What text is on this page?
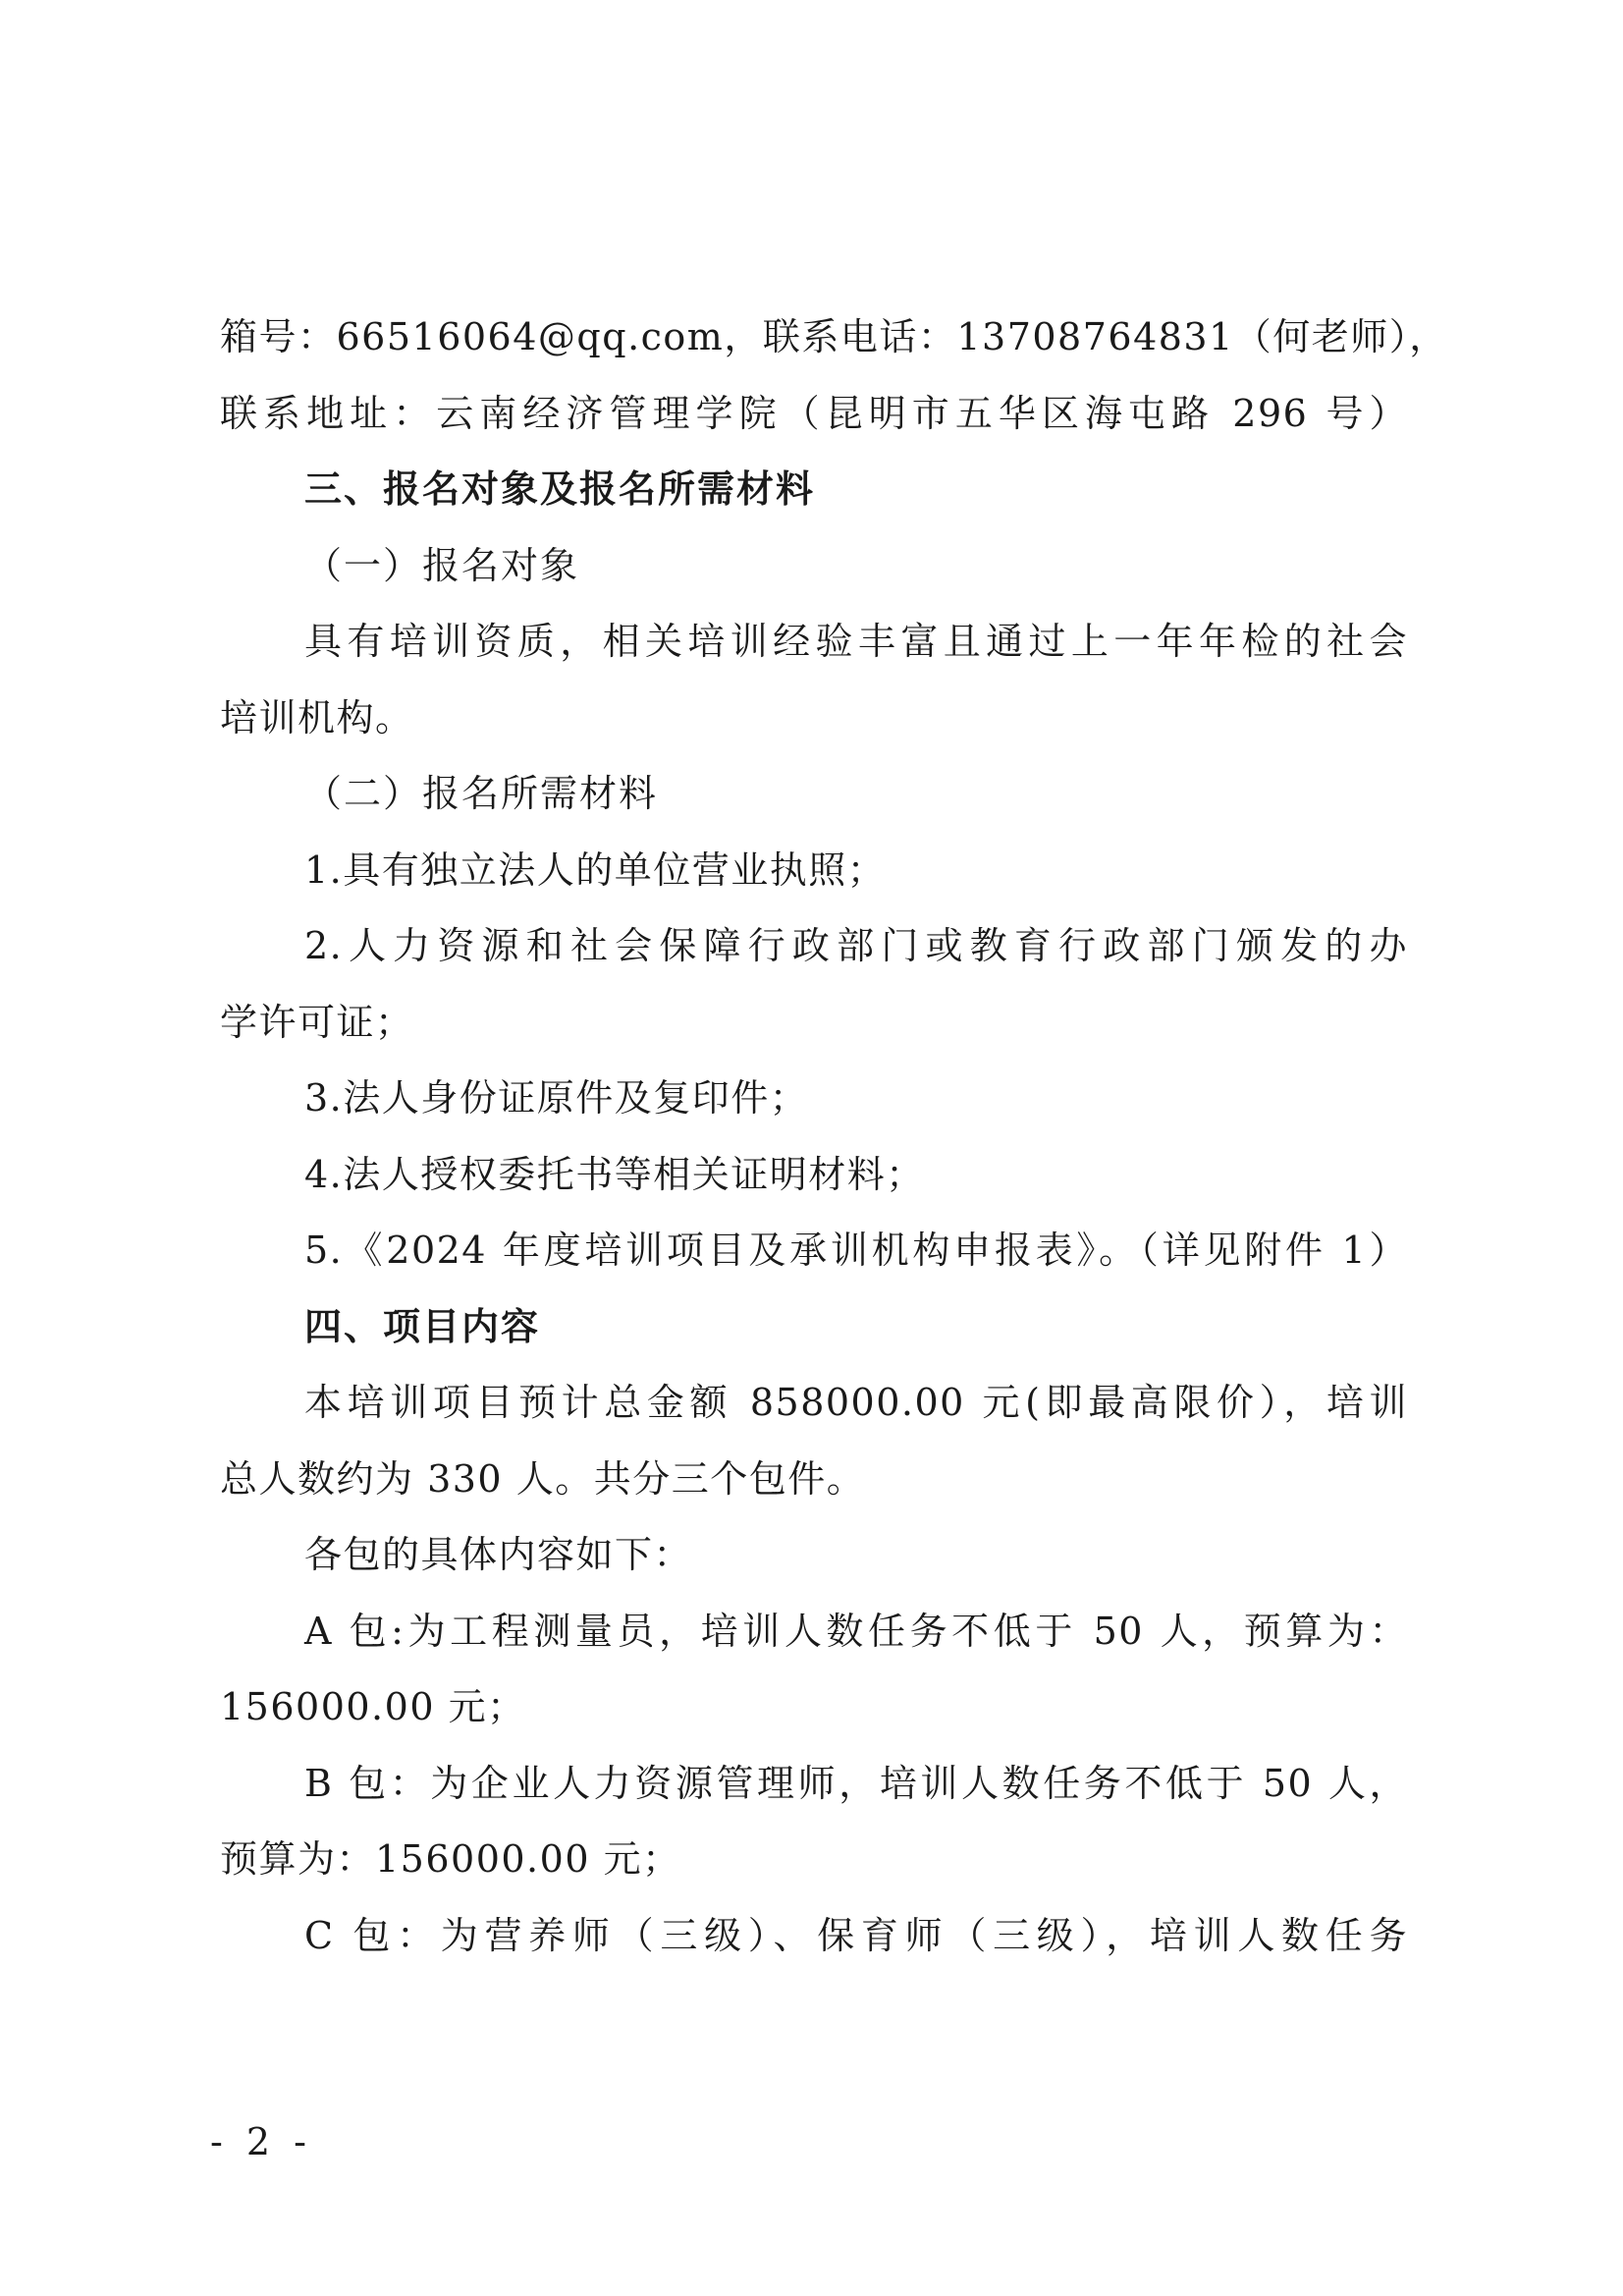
箱号：66516064@qq.com，联系电话：13708764831（何老师），
联系地址：云南经济管理学院（昆明市五华区海屯路 296 号）
三、报名对象及报名所需材料
（一）报名对象
具有培训资质，相关培训经验丰富且通过上一年年检的社会
培训机构。
（二）报名所需材料
1.具有独立法人的单位营业执照；
2.人力资源和社会保障行政部门或教育行政部门颁发的办
学许可证；
3.法人身份证原件及复印件；
4.法人授权委托书等相关证明材料；
5.《2024 年度培训项目及承训机构申报表》。（详见附件 1）
四、项目内容
本培训项目预计总金额 858000.00 元(即最高限价），培训
总人数约为 330 人。共分三个包件。
各包的具体内容如下：
A 包:为工程测量员，培训人数任务不低于 50 人，预算为：
156000.00 元；
B 包：为企业人力资源管理师，培训人数任务不低于 50 人，
预算为：156000.00 元；
C 包：为营养师（三级）、保育师（三级），培训人数任务
- 2 -
